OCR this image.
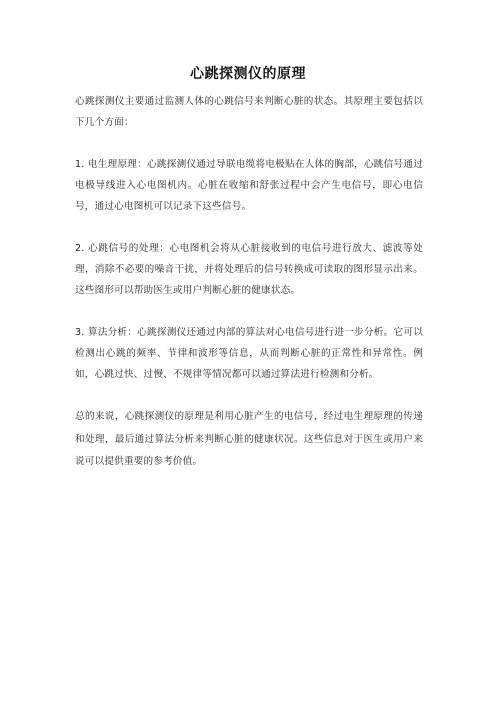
心跳探测仪的原理

心跳探测仪主要通过监测人体的心跳信号来判断心脏的状态。其原理主要包括以下几个方面：

1. 电生理原理：心跳探测仪通过导联电缆将电极贴在人体的胸部，心跳信号通过电极导线进入心电图机内。心脏在收缩和舒张过程中会产生电信号，即心电信号，通过心电图机可以记录下这些信号。

2. 心跳信号的处理：心电图机会将从心脏接收到的电信号进行放大、滤波等处理，消除不必要的噪音干扰，并将处理后的信号转换成可读取的图形显示出来。这些图形可以帮助医生或用户判断心脏的健康状态。

3. 算法分析：心跳探测仪还通过内部的算法对心电信号进行进一步分析。它可以检测出心跳的频率、节律和波形等信息，从而判断心脏的正常性和异常性。例如，心跳过快、过慢、不规律等情况都可以通过算法进行检测和分析。

总的来说，心跳探测仪的原理是利用心脏产生的电信号，经过电生理原理的传递和处理，最后通过算法分析来判断心脏的健康状况。这些信息对于医生或用户来说可以提供重要的参考价值。
